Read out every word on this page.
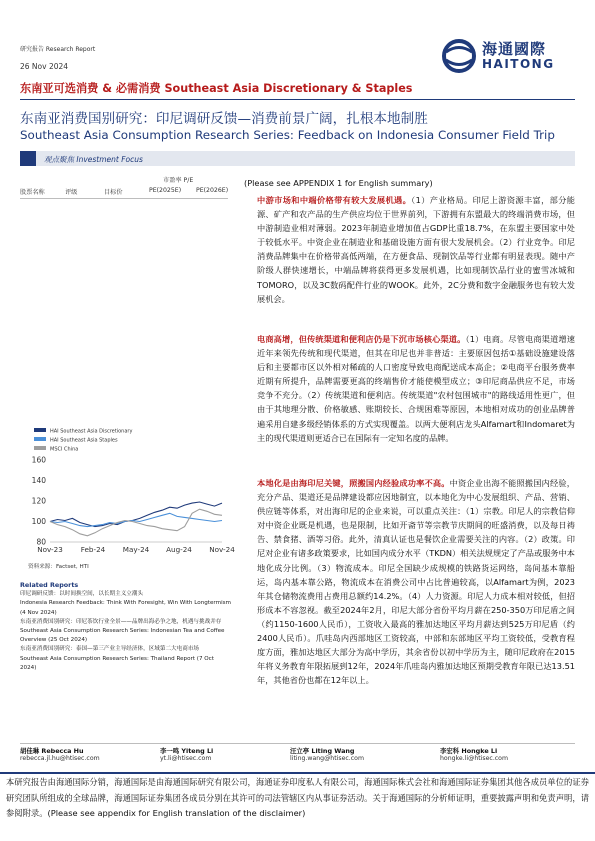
研究报告 Research Report
26 Nov 2024
东南亚可选消费 & 必需消费 Southeast Asia Discretionary & Staples
海通國際
HAITONG
东南亚消费国别研究：印尼调研反馈—消费前景广阔，扎根本地制胜
Southeast Asia Consumption Research Series: Feedback on Indonesia Consumer Field Trip
观点聚焦 Investment Focus
市盈率 P/E
股票名称	评级	目标价	PE(2025E) PE(2026E)
HAI Southeast Asia Discretionary
HAI Southeast Asia Staples
MSCI China
80
100
120
140
160
Nov-23 Feb-24 May-24 Aug-24 Nov-24
资料来源：Factset, HTI
Related Reports
印尼调研反馈：以时间换空间，以长期主义立潮头
Indonesia Research Feedback: Think With Foresight, Win With Longtermism (4 Nov 2024)
东南亚消费国别研究：印尼茶饮行业全景——品牌出海必争之地，机遇与挑战并存
Southeast Asia Consumption Research Series: Indonesian Tea and Coffee Overview (25 Oct 2024)
东南亚消费国别研究：泰国—第三产业主导经济体，区域第二大电商市场
Southeast Asia Consumption Research Series: Thailand Report (7 Oct 2024)
(Please see APPENDIX 1 for English summary)
中游市场和中端价格带有较大发展机遇。（1）产业格局。印尼上游资源丰富，部分能源、矿产和农产品的生产供应均位于世界前列，下游拥有东盟最大的终端消费市场，但中游制造业相对薄弱。2023年制造业增加值占GDP比重18.7%，在东盟主要国家中处于较低水平。中资企业在制造业和基础设施方面有很大发展机会。（2）行业竞争。印尼消费品牌集中在价格带高低两端，在方便食品、现制饮品等行业都有明显表现。随中产阶级人群快速增长，中端品牌将获得更多发展机遇，比如现制饮品行业的蜜雪冰城和TOMORO，以及3C数码配件行业的WOOK。此外，2C分费和数字金融服务也有较大发展机会。
电商高增，但传统渠道和便利店仍是下沉市场核心渠道。（1）电商。尽管电商渠道增速近年来领先传统和现代渠道，但其在印尼也并非普适：主要原因包括①基础设施建设落后和主要都市区以外相对稀疏的人口密度导致电商配送成本高企；②电商平台服务费率近期有所提升，品牌需要更高的终端售价才能使模型成立；③印尼商品供应不足，市场竞争不充分。（2）传统渠道和便利店。传统渠道"农村包围城市"的路线适用性更广，但由于其地理分散、价格敏感、账期较长、合规困难等原因，本地相对成功的创业品牌普遍采用自建多级经销体系的方式实现覆盖。以两大便利店龙头Alfamart和Indomaret为主的现代渠道则更适合已在国际有一定知名度的品牌。
本地化是由海印尼关键，照搬国内经验成功率不高。中资企业出海不能照搬国内经验，充分产品、渠道还是品牌建设都应因地制宜，以本地化为中心发展组织、产品、营销、供应链等体系，对出海印尼的企业来说，可以重点关注：（1）宗教。印尼人的宗教信仰对中资企业既是机遇，也是限制，比如开斋节等宗教节庆期间的旺盛消费，以及每日祷告、禁食猪、酒等习俗。此外，清真认证也是餐饮企业需要关注的内容。（2）政策。印尼对企业有诸多政策要求，比如国内成分水平（TKDN）相关法规规定了产品或服务中本地化成分比例。（3）物流成本。印尼全国缺少成规模的铁路货运网络，岛间基本靠船运，岛内基本靠公路，物流成本在消费公司中占比普遍较高，以Alfamart为例，2023年其仓储物流费用占费用总额约14.2%。（4）人力资源。印尼人力成本相对较低，但招形成本不容忽视。截至2024年2月，印尼大部分省份平均月薪在250-350万印尼盾之间（约1150-1600人民币），工资收入最高的雅加达地区平均月薪达到525万印尼盾（约2400人民币）。爪哇岛内西部地区工资较高，中部和东部地区平均工资较低，受教育程度方面，雅加达地区大部分为高中学历，其余省份以初中学历为主，随印尼政府在2015年将义务教育年限拓展到12年，2024年爪哇岛内雅加达地区预期受教育年限已达13.51年，其他省份也都在12年以上。
胡佳琳 Rebecca Hu
rebecca.jl.hu@htisec.com
李一鸣 Yiteng Li
yt.li@htisec.com
汪立亭 Liting Wang
liting.wang@htisec.com
李宏科 Hongke Li
hongke.li@htisec.com
本研究报告由海通国际分销，海通国际是由海通国际研究有限公司，海通证券印度私人有限公司，海通国际株式会社和海通国际证券集团其他各成员单位的证券研究团队所组成的全球品牌，海通国际证券集团各成员分别在其许可的司法管辖区内从事证券活动。关于海通国际的分析师证明，重要披露声明和免责声明，请参阅附录。(Please see appendix for English translation of the disclaimer)
